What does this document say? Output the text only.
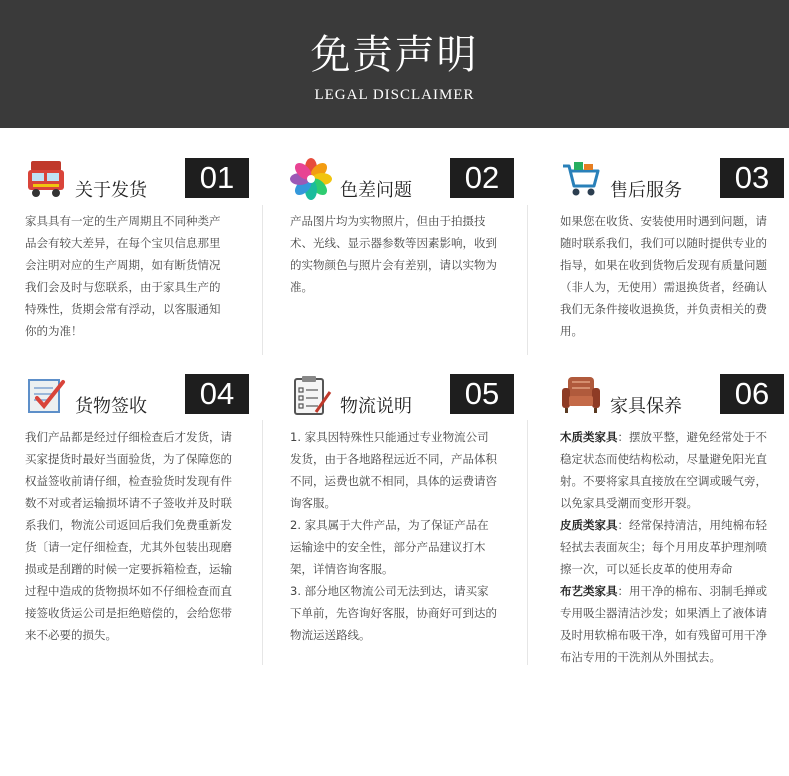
免责声明
LEGAL DISCLAIMER
关于发货	01

家具具有一定的生产周期且不同种类产品会有较大差异，在每个宝贝信息那里会注明对应的生产周期，如有断货情况我们会及时与您联系，由于家具生产的特殊性，货期会常有浮动，以客服通知你的为准！

色差问题	02

产品图片均为实物照片，但由于拍摄技术、光线、显示器参数等因素影响，收到的实物颜色与照片会有差别，请以实物为准。

售后服务	03

如果您在收货、安装使用时遇到问题，请随时联系我们，我们可以随时提供专业的指导，如果在收到货物后发现有质量问题（非人为，无使用）需退换货者，经确认我们无条件接收退换货，并负责相关的费用。

货物签收	04

我们产品都是经过仔细检查后才发货，请买家提货时最好当面验货，为了保障您的权益签收前请仔细，检查验货时发现有件数不对或者运输损坏请不子签收并及时联系我们，物流公司返回后我们免费重新发货〔请一定仔细检查，尤其外包装出现磨损或是刮蹭的时候一定要拆箱检查，运输过程中造成的货物损坏如不仔细检查而直接签收货运公司是拒绝赔偿的，会给您带来不必要的损失。

物流说明	05

1. 家具因特殊性只能通过专业物流公司发货，由于各地路程远近不同，产品体积不同，运费也就不相同，具体的运费请咨询客服。

2. 家具属于大件产品，为了保证产品在运输途中的安全性，部分产品建议打木架，详情咨询客服。

3. 部分地区物流公司无法到达，请买家下单前，先咨询好客服，协商好可到达的物流运送路线。

家具保养	06

木质类家具：摆放平整，避免经常处于不稳定状态而使结构松动，尽量避免阳光直射。不要将家具直接放在空调或暖气旁，以免家具受潮而变形开裂。

皮质类家具：经常保持清洁，用纯棉布轻轻拭去表面灰尘；每个月用皮革护理剂喷擦一次，可以延长皮革的使用寿命

布艺类家具：用干净的棉布、羽制毛掸或专用吸尘器清洁沙发；如果洒上了液体请及时用软棉布吸干净，如有残留可用干净布沾专用的干洗剂从外围拭去。
